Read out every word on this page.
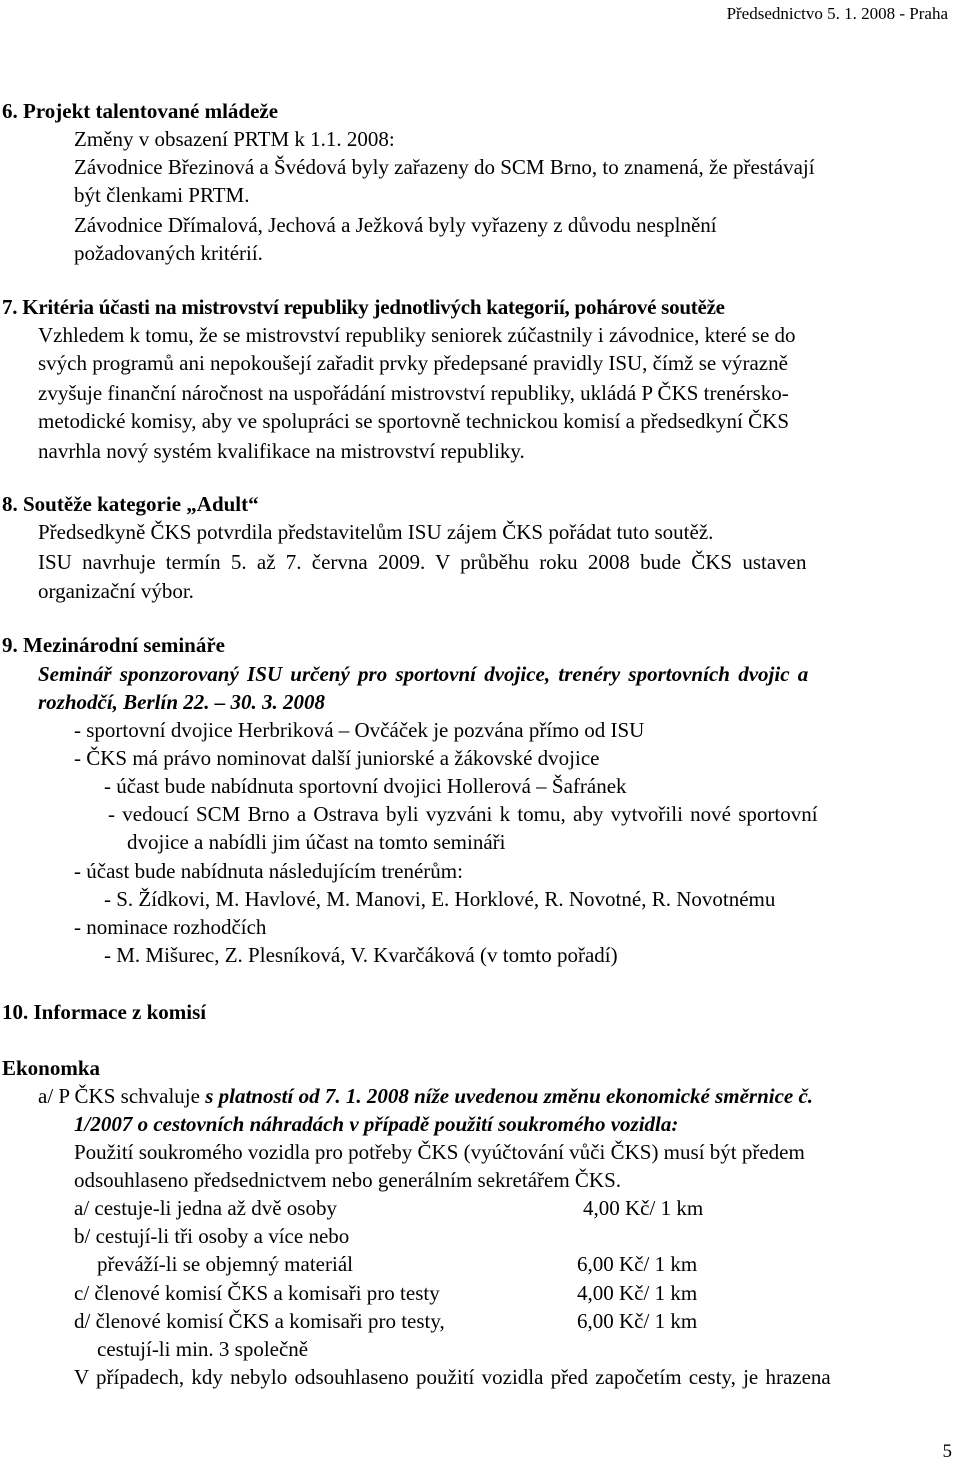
Předsednictvo 5. 1. 2008 - Praha
6. Projekt talentované mládeže
Změny v obsazení PRTM k 1.1. 2008:
Závodnice Březinová a Švédová byly zařazeny do SCM Brno, to znamená, že přestávají
být členkami PRTM.
Závodnice Dřímalová, Jechová a Ježková byly vyřazeny z důvodu nesplnění
požadovaných kritérií.
7. Kritéria účasti na mistrovství republiky jednotlivých kategorií, pohárové soutěže
Vzhledem k tomu, že se mistrovství republiky seniorek zúčastnily i závodnice, které se do
svých programů ani nepokoušejí zařadit prvky předepsané pravidly ISU, čímž se výrazně
zvyšuje finanční náročnost na uspořádání mistrovství republiky, ukládá P ČKS trenérsko-
metodické komisy, aby ve spolupráci se sportovně technickou komisí a předsedkyní ČKS
navrhla nový systém kvalifikace na mistrovství republiky.
8. Soutěže kategorie „Adult“
Předsedkyně ČKS potvrdila představitelům ISU zájem ČKS pořádat tuto soutěž.
ISU navrhuje termín 5. až 7. června 2009. V průběhu roku 2008 bude ČKS ustaven
organizační výbor.
9. Mezinárodní semináře
Seminář sponzorovaný ISU určený pro sportovní dvojice, trenéry sportovních dvojic a
rozhodčí, Berlín 22. – 30. 3. 2008
- sportovní dvojice Herbriková – Ovčáček je pozvána přímo od ISU
- ČKS má právo nominovat další juniorské a žákovské dvojice
- účast bude nabídnuta sportovní dvojici Hollerová – Šafránek
- vedoucí SCM Brno a Ostrava byli vyzváni k tomu, aby vytvořili nové sportovní
dvojice a nabídli jim účast na tomto semináři
- účast bude nabídnuta následujícím trenérům:
- S. Žídkovi, M. Havlové, M. Manovi, E. Horklové, R. Novotné, R. Novotnému
- nominace rozhodčích
- M. Mišurec, Z. Plesníková, V. Kvarčáková (v tomto pořadí)
10. Informace z komisí
Ekonomka
a/ P ČKS schvaluje s platností od 7. 1. 2008 níže uvedenou změnu ekonomické směrnice č.
1/2007 o cestovních náhradách v případě použití soukromého vozidla:
Použití soukromého vozidla pro potřeby ČKS (vyúčtování vůči ČKS) musí být předem
odsouhlaseno předsednictvem nebo generálním sekretářem ČKS.
a/ cestuje-li jedna až dvě osoby	4,00 Kč/ 1 km
b/ cestují-li tři osoby a více nebo
převáží-li se objemný materiál	6,00 Kč/ 1 km
c/ členové komisí ČKS a komisaři pro testy	4,00 Kč/ 1 km
d/ členové komisí ČKS a komisaři pro testy,	6,00 Kč/ 1 km
cestují-li min. 3 společně
V případech, kdy nebylo odsouhlaseno použití vozidla před započetím cesty, je hrazena
5
